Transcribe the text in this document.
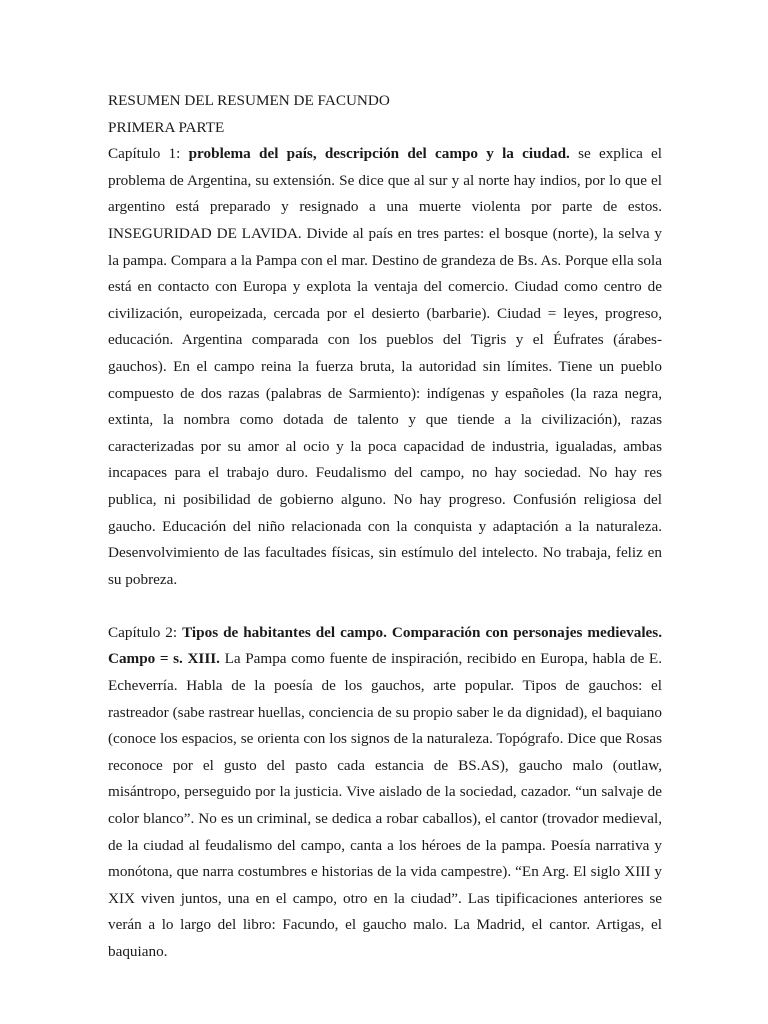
RESUMEN DEL RESUMEN DE FACUNDO

PRIMERA PARTE

Capítulo 1: problema del país, descripción del campo y la ciudad. se explica el problema de Argentina, su extensión. Se dice que al sur y al norte hay indios, por lo que el argentino está preparado y resignado a una muerte violenta por parte de estos. INSEGURIDAD DE LAVIDA. Divide al país en tres partes: el bosque (norte), la selva y la pampa. Compara a la Pampa con el mar. Destino de grandeza de Bs. As. Porque ella sola está en contacto con Europa y explota la ventaja del comercio. Ciudad como centro de civilización, europeizada, cercada por el desierto (barbarie). Ciudad = leyes, progreso, educación. Argentina comparada con los pueblos del Tigris y el Éufrates (árabes- gauchos). En el campo reina la fuerza bruta, la autoridad sin límites. Tiene un pueblo compuesto de dos razas (palabras de Sarmiento): indígenas y españoles (la raza negra, extinta, la nombra como dotada de talento y que tiende a la civilización), razas caracterizadas por su amor al ocio y la poca capacidad de industria, igualadas, ambas incapaces para el trabajo duro. Feudalismo del campo, no hay sociedad. No hay res publica, ni posibilidad de gobierno alguno. No hay progreso. Confusión religiosa del gaucho. Educación del niño relacionada con la conquista y adaptación a la naturaleza. Desenvolvimiento de las facultades físicas, sin estímulo del intelecto. No trabaja, feliz en su pobreza.

Capítulo 2: Tipos de habitantes del campo. Comparación con personajes medievales. Campo = s. XIII. La Pampa como fuente de inspiración, recibido en Europa, habla de E. Echeverría. Habla de la poesía de los gauchos, arte popular. Tipos de gauchos: el rastreador (sabe rastrear huellas, conciencia de su propio saber le da dignidad), el baquiano (conoce los espacios, se orienta con los signos de la naturaleza. Topógrafo. Dice que Rosas reconoce por el gusto del pasto cada estancia de BS.AS), gaucho malo (outlaw, misántropo, perseguido por la justicia. Vive aislado de la sociedad, cazador. “un salvaje de color blanco”. No es un criminal, se dedica a robar caballos), el cantor (trovador medieval, de la ciudad al feudalismo del campo, canta a los héroes de la pampa. Poesía narrativa y monótona, que narra costumbres e historias de la vida campestre). “En Arg. El siglo XIII y XIX viven juntos, una en el campo, otro en la ciudad”. Las tipificaciones anteriores se verán a lo largo del libro: Facundo, el gaucho malo. La Madrid, el cantor. Artigas, el baquiano.
